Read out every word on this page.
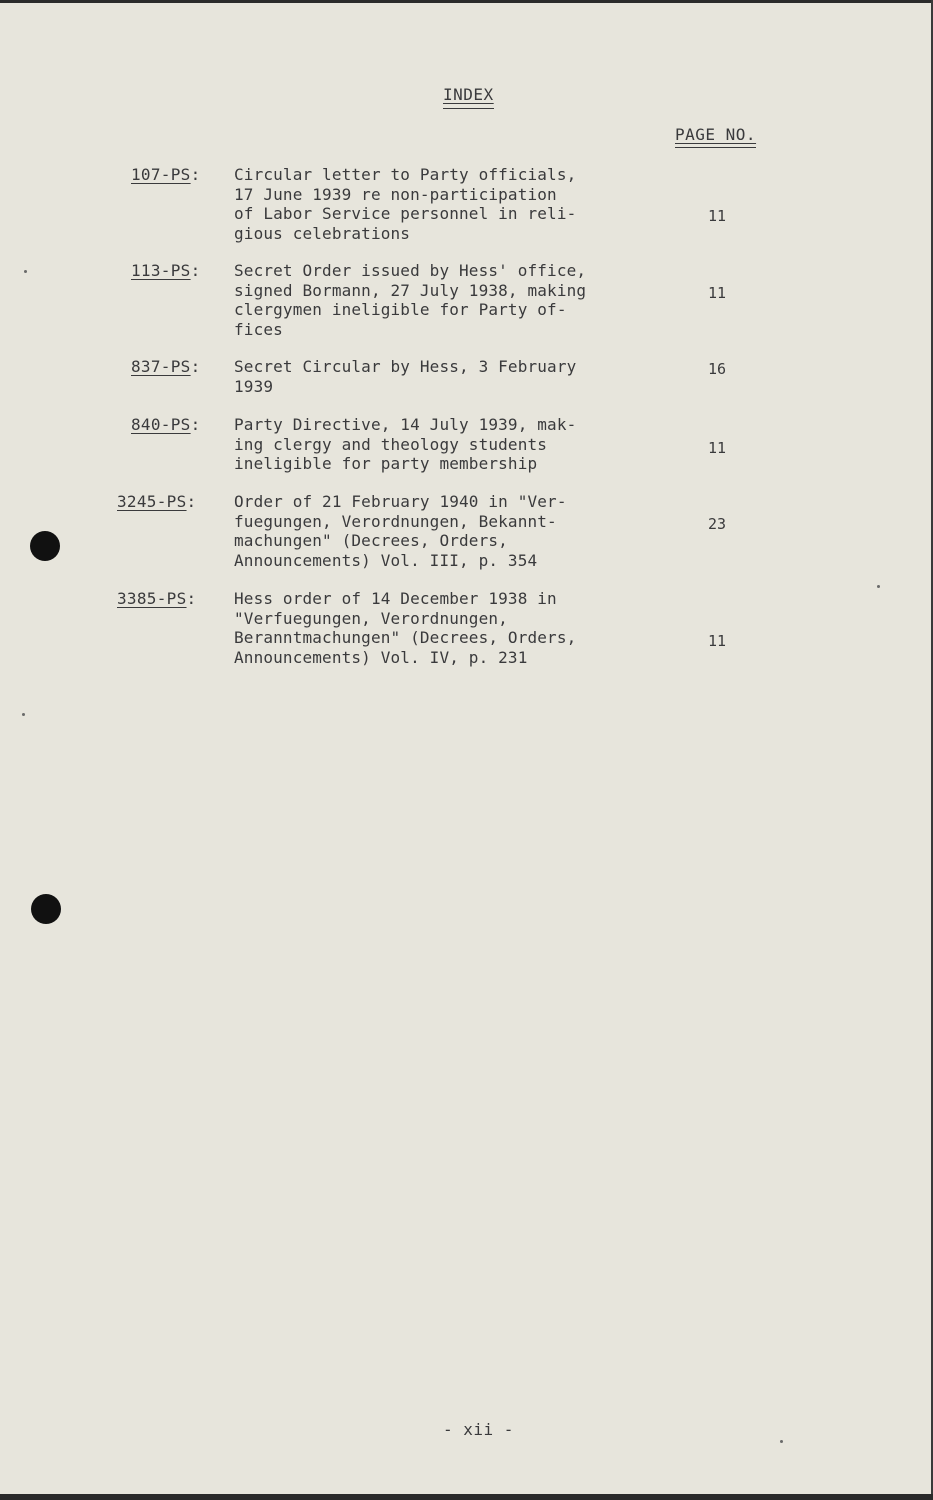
INDEX
PAGE NO.
107-PS: Circular letter to Party officials,
17 June 1939 re non-participation
of Labor Service personnel in reli-
gious celebrations
11
113-PS: Secret Order issued by Hess' office,
signed Bormann, 27 July 1938, making
clergymen ineligible for Party of-
fices
11
837-PS: Secret Circular by Hess, 3 February
1939
16
840-PS: Party Directive, 14 July 1939, mak-
ing clergy and theology students
ineligible for party membership
11
3245-PS: Order of 21 February 1940 in "Ver-
fuegungen, Verordnungen, Bekannt-
machungen" (Decrees, Orders,
Announcements) Vol. III, p. 354
23
3385-PS: Hess order of 14 December 1938 in
"Verfuegungen, Verordnungen,
Beranntmachungen" (Decrees, Orders,
Announcements) Vol. IV, p. 231
11
- xii -
